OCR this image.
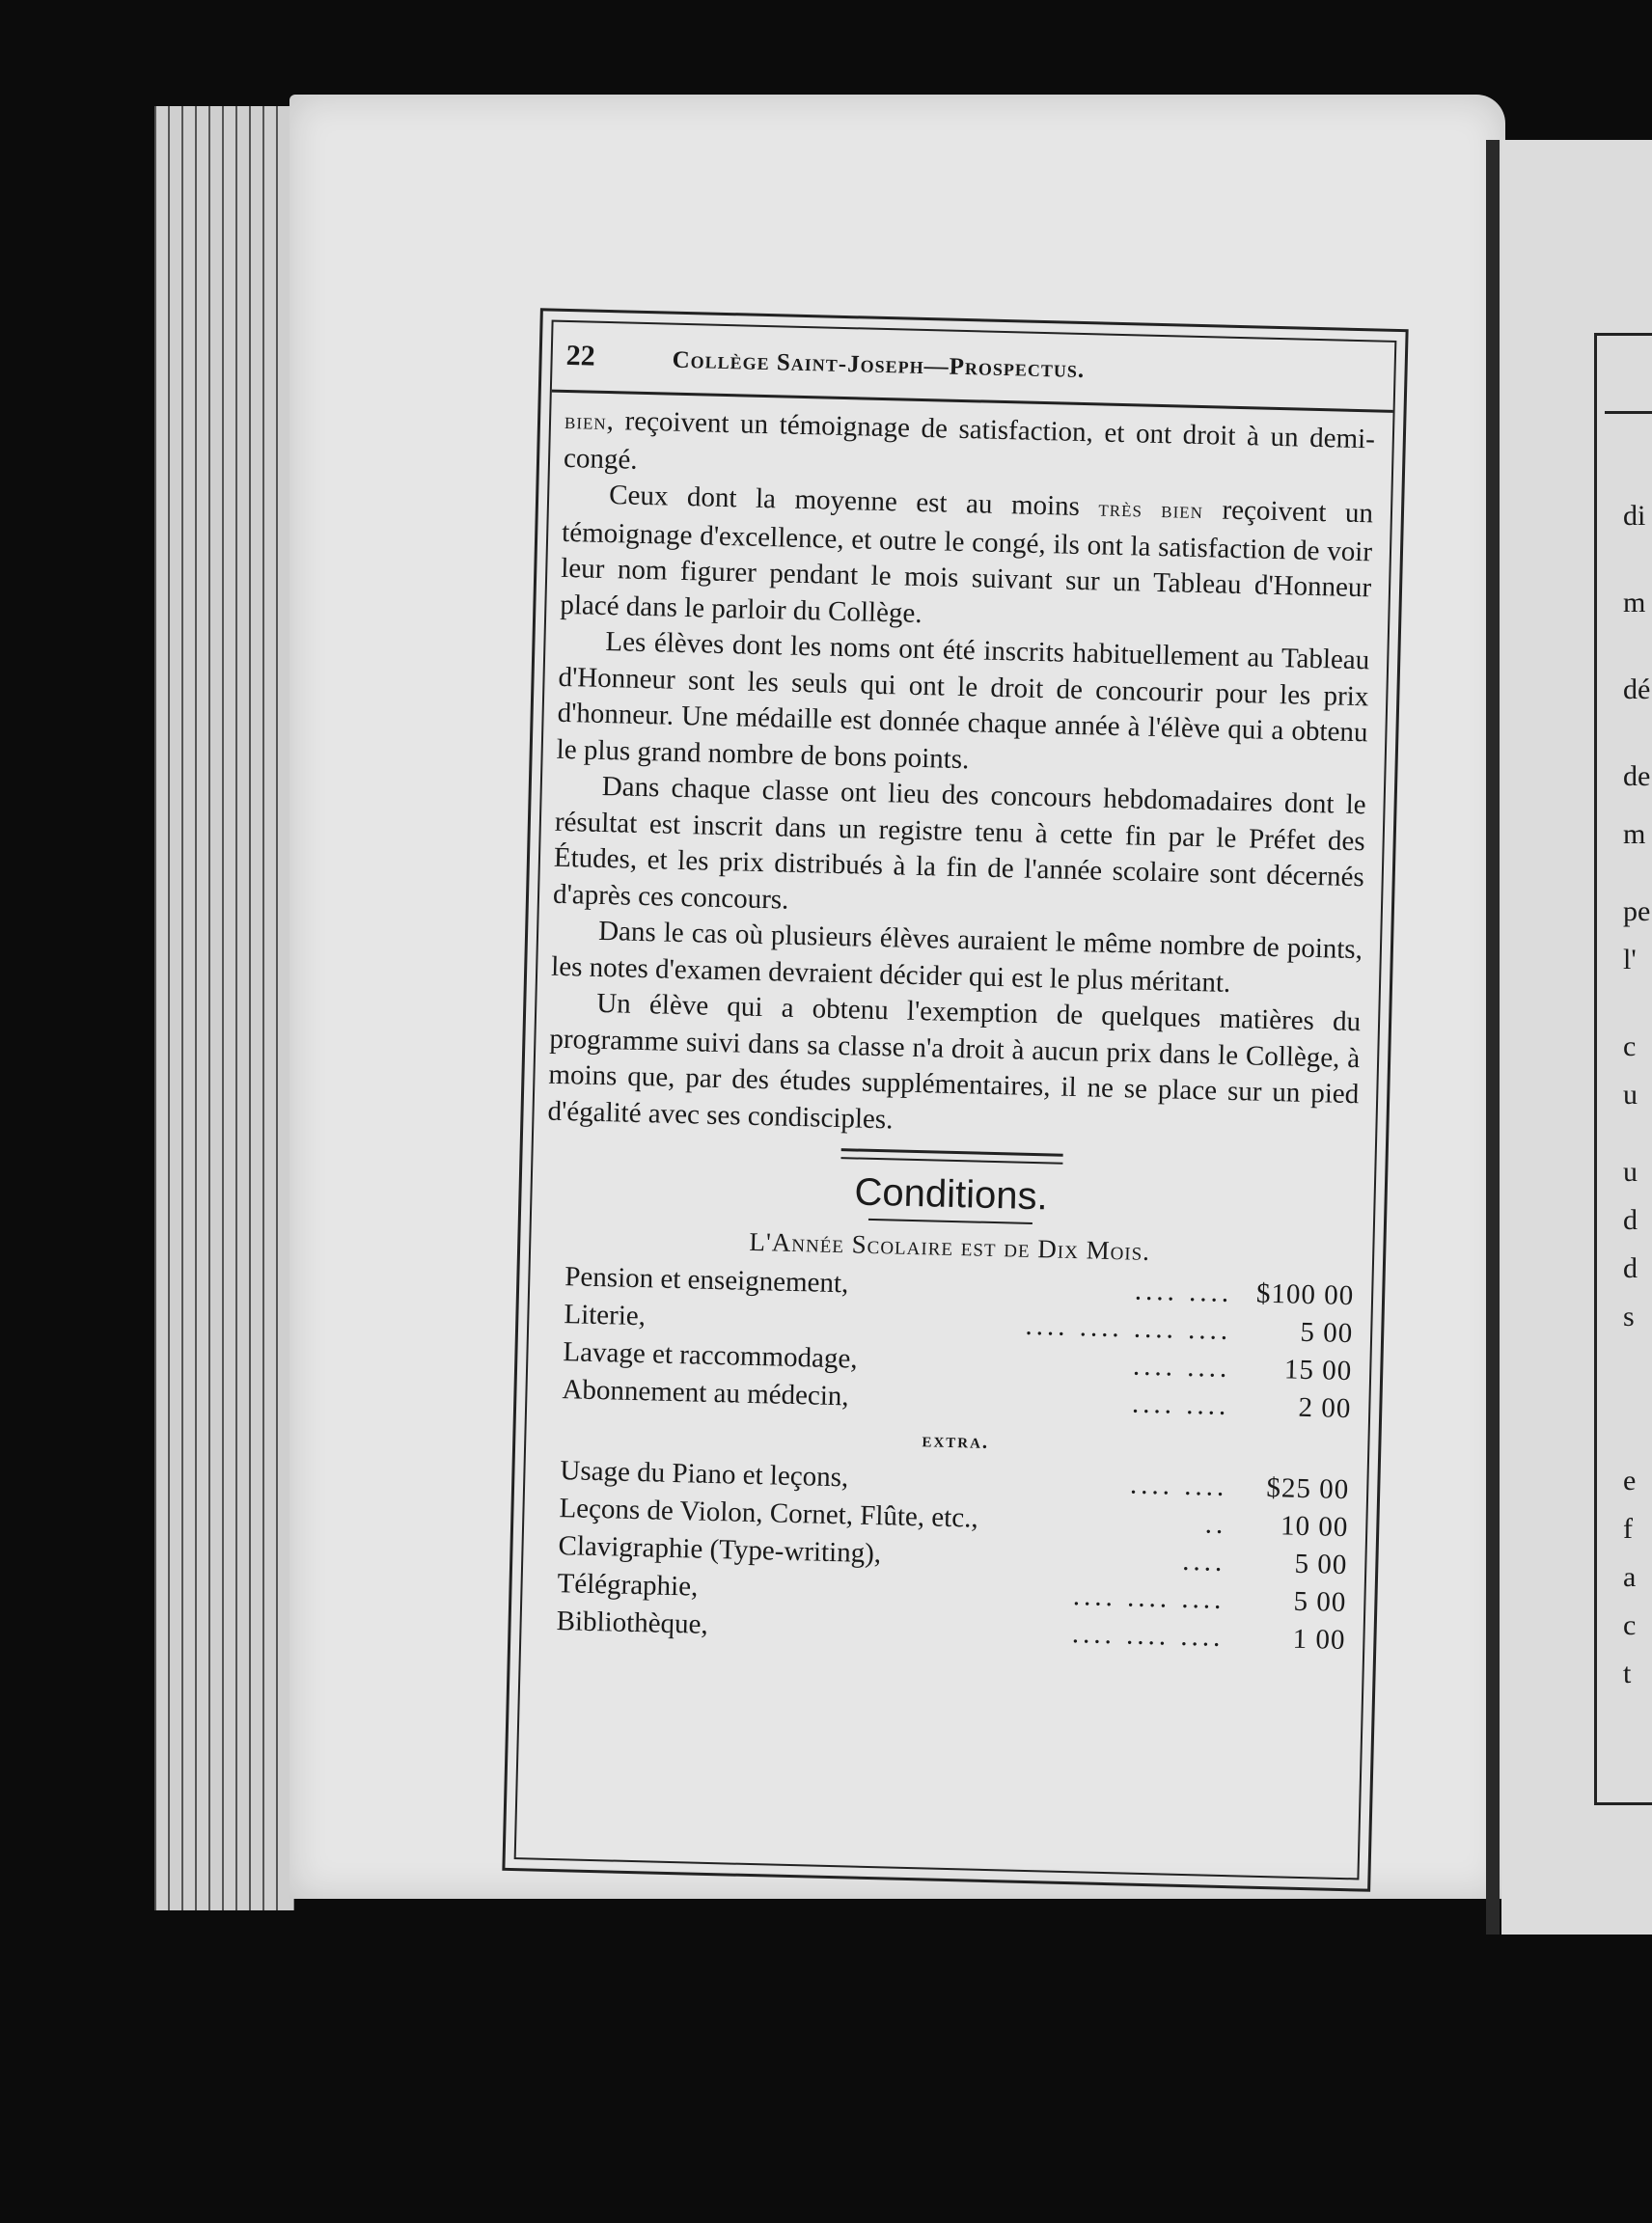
di
m
dé
de
m
pe
l'
c
u
u
d
d
s
e
f
a
c
t
22	Collège Saint-Joseph—Prospectus.

bien, reçoivent un témoignage de satisfaction, et ont droit à un demi-congé.

Ceux dont la moyenne est au moins très bien reçoivent un témoignage d'excellence, et outre le congé, ils ont la satisfaction de voir leur nom figurer pendant le mois suivant sur un Tableau d'Honneur placé dans le parloir du Collège.

Les élèves dont les noms ont été inscrits habituellement au Tableau d'Honneur sont les seuls qui ont le droit de concourir pour les prix d'honneur. Une médaille est donnée chaque année à l'élève qui a obtenu le plus grand nombre de bons points.

Dans chaque classe ont lieu des concours hebdomadaires dont le résultat est inscrit dans un registre tenu à cette fin par le Préfet des Études, et les prix distribués à la fin de l'année scolaire sont décernés d'après ces concours.

Dans le cas où plusieurs élèves auraient le même nombre de points, les notes d'examen devraient décider qui est le plus méritant.

Un élève qui a obtenu l'exemption de quelques matières du programme suivi dans sa classe n'a droit à aucun prix dans le Collège, à moins que, par des études supplémentaires, il ne se place sur un pied d'égalité avec ses condisciples.

Conditions.
L'Année Scolaire est de Dix Mois.
Pension et enseignement,	.... .... $100 00
Literie,	.... .... .... ....	5 00
Lavage et raccommodage,	.... ....	15 00
Abonnement au médecin,	.... ....	2 00
extra.
Usage du Piano et leçons,	.... ....	$25 00
Leçons de Violon, Cornet, Flûte, etc.,	..	10 00
Clavigraphie (Type-writing),	....	5 00
Télégraphie,	.... .... ....	5 00
Bibliothèque,	.... .... ....	1 00
